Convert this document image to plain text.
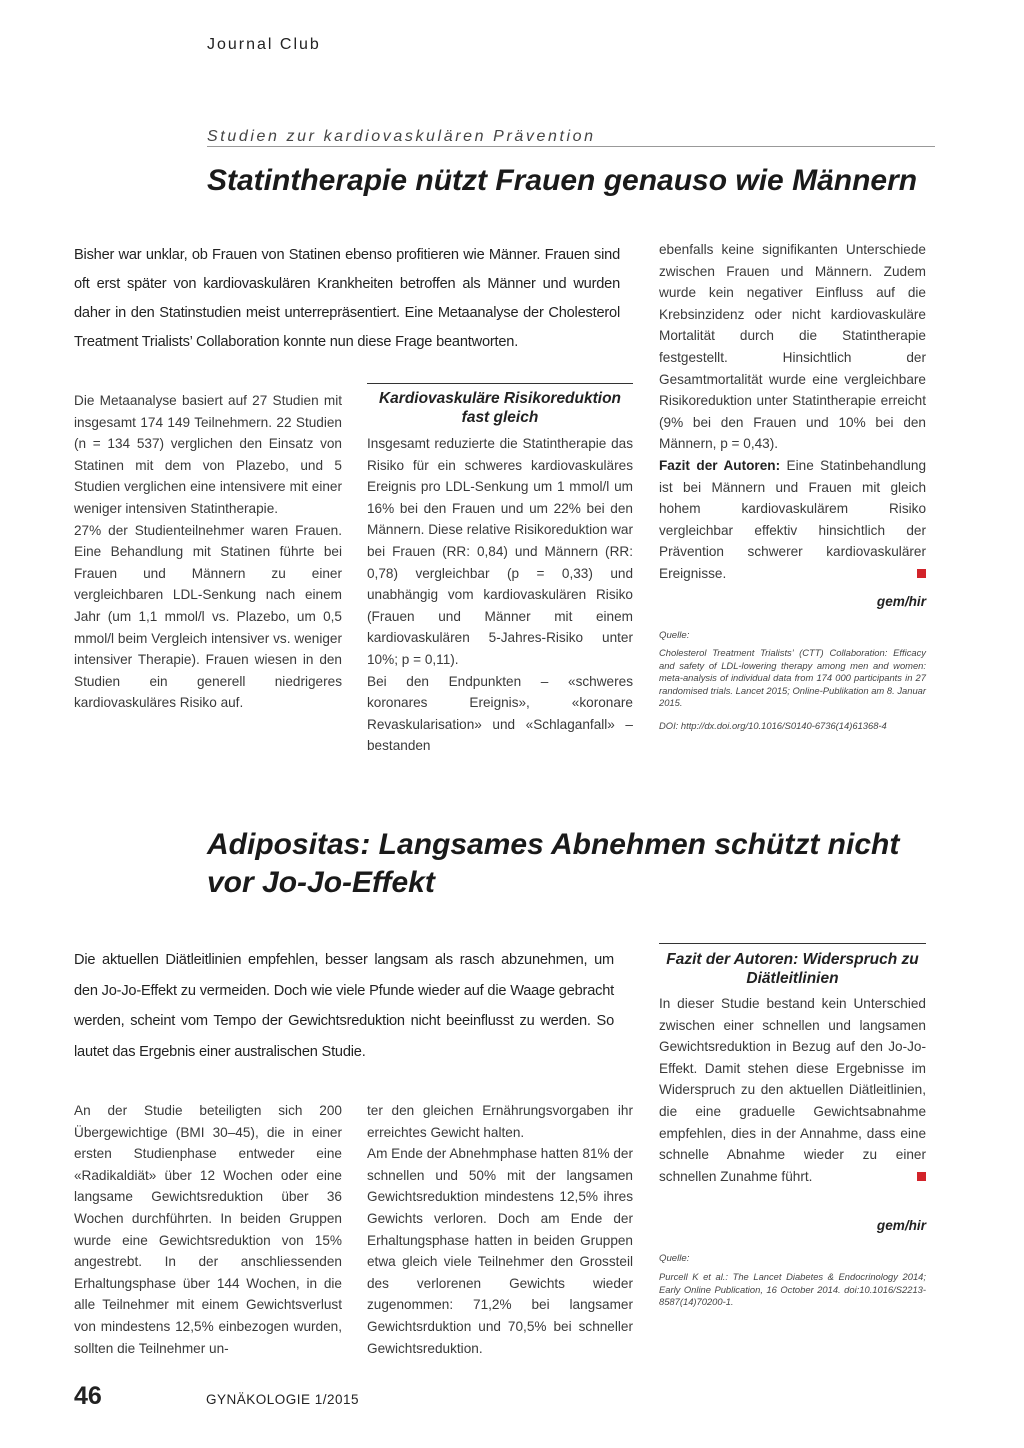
Journal Club
Studien zur kardiovaskulären Prävention
Statintherapie nützt Frauen genauso wie Männern
Bisher war unklar, ob Frauen von Statinen ebenso profitieren wie Männer. Frauen sind oft erst später von kardiovaskulären Krankheiten betroffen als Männer und wurden daher in den Statinstudien meist unterrepräsentiert. Eine Metaanalyse der Cholesterol Treatment Trialists’ Collaboration konnte nun diese Frage beantworten.

Die Metaanalyse basiert auf 27 Studien mit insgesamt 174 149 Teilnehmern. 22 Studien (n = 134 537) verglichen den Einsatz von Statinen mit dem von Plazebo, und 5 Studien verglichen eine intensivere mit einer weniger intensiven Statintherapie.

27% der Studienteilnehmer waren Frauen. Eine Behandlung mit Statinen führte bei Frauen und Männern zu einer vergleichbaren LDL-Senkung nach einem Jahr (um 1,1 mmol/l vs. Plazebo, um 0,5 mmol/l beim Vergleich intensiver vs. weniger intensiver Therapie). Frauen wiesen in den Studien ein generell niedrigeres kardiovaskuläres Risiko auf.

Kardiovaskuläre Risikoreduktion fast gleich

Insgesamt reduzierte die Statintherapie das Risiko für ein schweres kardiovaskuläres Ereignis pro LDL-Senkung um 1 mmol/l um 16% bei den Frauen und um 22% bei den Männern. Diese relative Risikoreduktion war bei Frauen (RR: 0,84) und Männern (RR: 0,78) vergleichbar (p = 0,33) und unabhängig vom kardiovaskulären Risiko (Frauen und Männer mit einem kardiovaskulären 5-Jahres-Risiko unter 10%; p = 0,11).

Bei den Endpunkten – «schweres koronares Ereignis», «koronare Revaskularisation» und «Schlaganfall» – bestanden

ebenfalls keine signifikanten Unterschiede zwischen Frauen und Männern. Zudem wurde kein negativer Einfluss auf die Krebsinzidenz oder nicht kardiovaskuläre Mortalität durch die Statintherapie festgestellt. Hinsichtlich der Gesamtmortalität wurde eine vergleichbare Risikoreduktion unter Statintherapie erreicht (9% bei den Frauen und 10% bei den Männern, p = 0,43).

Fazit der Autoren: Eine Statinbehandlung ist bei Männern und Frauen mit gleich hohem kardiovaskulärem Risiko vergleichbar effektiv hinsichtlich der Prävention schwerer kardiovaskulärer Ereignisse.

gem/hir
Quelle:
Cholesterol Treatment Trialists’ (CTT) Collaboration: Efficacy and safety of LDL-lowering therapy among men and women: meta-analysis of individual data from 174 000 participants in 27 randomised trials. Lancet 2015; Online-Publikation am 8. Januar 2015.
DOI: http://dx.doi.org/10.1016/S0140-6736(14)61368-4
Adipositas: Langsames Abnehmen schützt nicht
vor Jo-Jo-Effekt
Die aktuellen Diätleitlinien empfehlen, besser langsam als rasch abzunehmen, um den Jo-Jo-Effekt zu vermeiden. Doch wie viele Pfunde wieder auf die Waage gebracht werden, scheint vom Tempo der Gewichtsreduktion nicht beeinflusst zu werden. So lautet das Ergebnis einer australischen Studie.

An der Studie beteiligten sich 200 Übergewichtige (BMI 30–45), die in einer ersten Studienphase entweder eine «Radikaldiät» über 12 Wochen oder eine langsame Gewichtsreduktion über 36 Wochen durchführten. In beiden Gruppen wurde eine Gewichtsreduktion von 15% angestrebt. In der anschliessenden Erhaltungsphase über 144 Wochen, in die alle Teilnehmer mit einem Gewichtsverlust von mindestens 12,5% einbezogen wurden, sollten die Teilnehmer un-

ter den gleichen Ernährungsvorgaben ihr erreichtes Gewicht halten.

Am Ende der Abnehmphase hatten 81% der schnellen und 50% mit der langsamen Gewichtsreduktion mindestens 12,5% ihres Gewichts verloren. Doch am Ende der Erhaltungsphase hatten in beiden Gruppen etwa gleich viele Teilnehmer den Grossteil des verlorenen Gewichts wieder zugenommen: 71,2% bei langsamer Gewichtsrduktion und 70,5% bei schneller Gewichtsreduktion.

Fazit der Autoren: Widerspruch zu Diätleitlinien

In dieser Studie bestand kein Unterschied zwischen einer schnellen und langsamen Gewichtsreduktion in Bezug auf den Jo-Jo-Effekt. Damit stehen diese Ergebnisse im Widerspruch zu den aktuellen Diätleitlinien, die eine graduelle Gewichtsabnahme empfehlen, dies in der Annahme, dass eine schnelle Abnahme wieder zu einer schnellen Zunahme führt.

gem/hir
Quelle:
Purcell K et al.: The Lancet Diabetes & Endocrinology 2014; Early Online Publication, 16 October 2014. doi:10.1016/S2213-8587(14)70200-1.
46	GYNÄKOLOGIE 1/2015
